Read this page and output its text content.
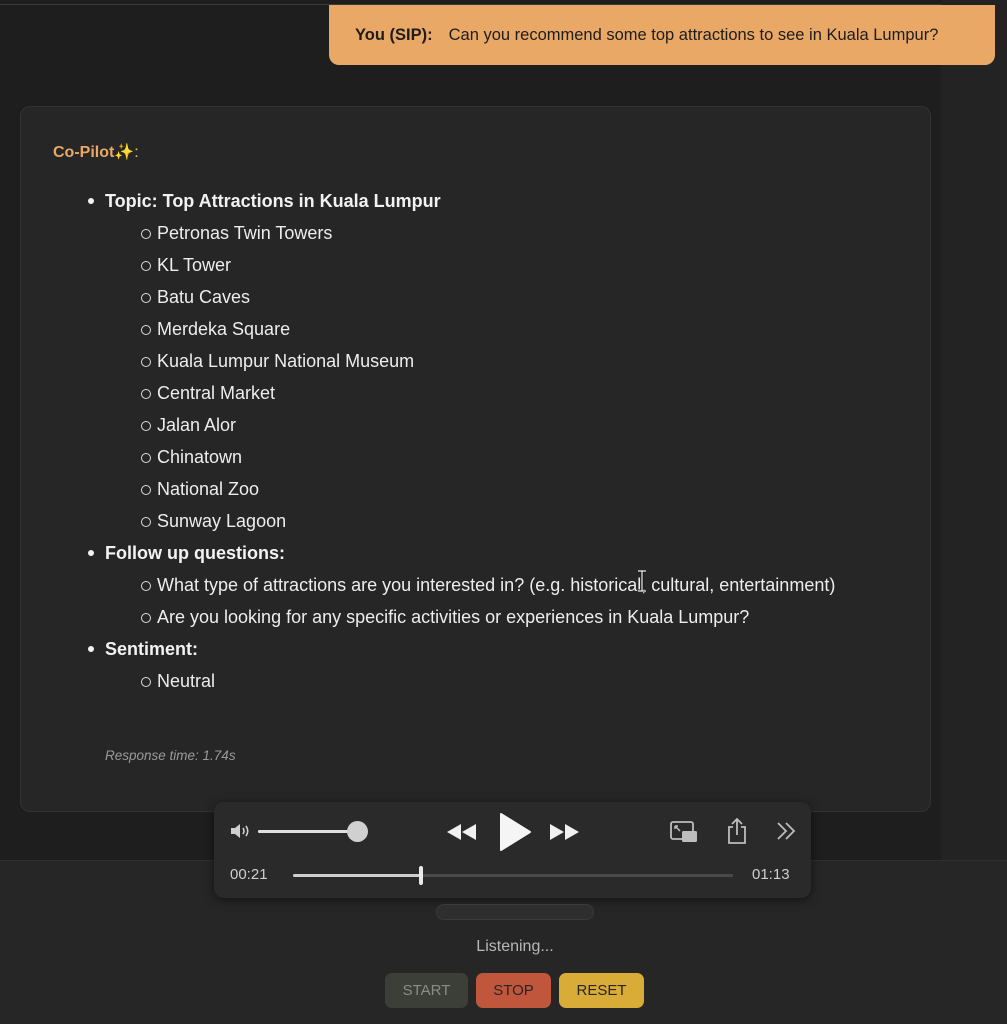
You (SIP): Can you recommend some top attractions to see in Kuala Lumpur?
Co-Pilot✨:
Topic: Top Attractions in Kuala Lumpur
Petronas Twin Towers
KL Tower
Batu Caves
Merdeka Square
Kuala Lumpur National Museum
Central Market
Jalan Alor
Chinatown
National Zoo
Sunway Lagoon
Follow up questions:
What type of attractions are you interested in? (e.g. historical, cultural, entertainment)
Are you looking for any specific activities or experiences in Kuala Lumpur?
Sentiment:
Neutral
Response time: 1.74s
00:21	01:13
Listening...
START	STOP	RESET
